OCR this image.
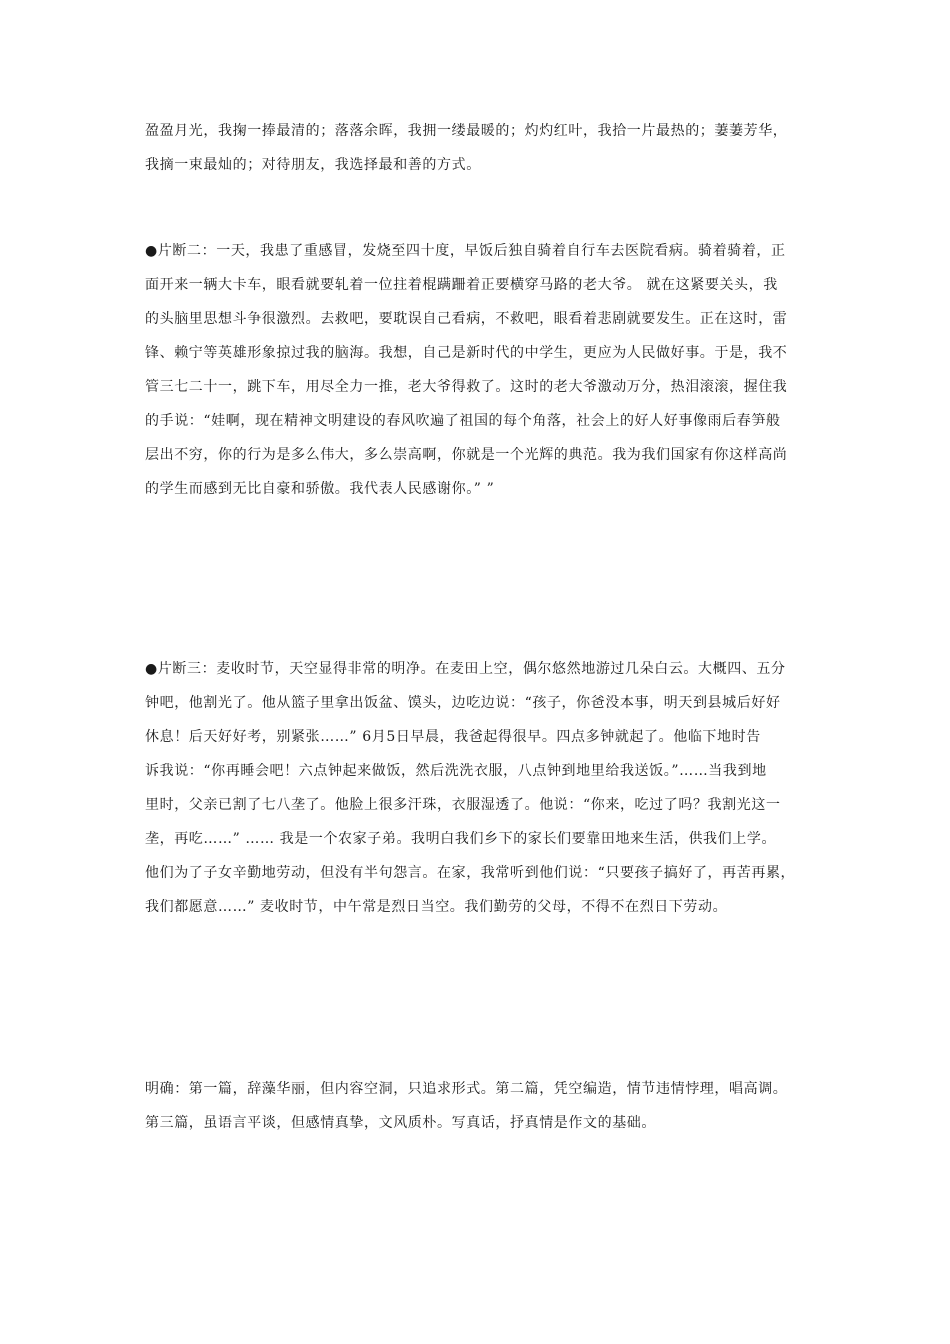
盈盈月光，我掬一捧最清的；落落余晖，我拥一缕最暖的；灼灼红叶，我拾一片最热的；萋萋芳华，
我摘一束最灿的；对待朋友，我选择最和善的方式。
●片断二：一天，我患了重感冒，发烧至四十度，早饭后独自骑着自行车去医院看病。骑着骑着，正
面开来一辆大卡车，眼看就要轧着一位拄着棍蹒跚着正要横穿马路的老大爷。 就在这紧要关头，我
的头脑里思想斗争很激烈。去救吧，要耽误自己看病，不救吧，眼看着悲剧就要发生。正在这时，雷
锋、赖宁等英雄形象掠过我的脑海。我想，自己是新时代的中学生，更应为人民做好事。于是，我不
管三七二十一，跳下车，用尽全力一推，老大爷得救了。这时的老大爷激动万分，热泪滚滚，握住我
的手说：“娃啊，现在精神文明建设的春风吹遍了祖国的每个角落，社会上的好人好事像雨后春笋般
层出不穷，你的行为是多么伟大，多么崇高啊，你就是一个光辉的典范。我为我们国家有你这样高尚
的学生而感到无比自豪和骄傲。我代表人民感谢你。” ”
●片断三：麦收时节，天空显得非常的明净。在麦田上空，偶尔悠然地游过几朵白云。大概四、五分
钟吧，他割光了。他从篮子里拿出饭盆、馍头，边吃边说：“孩子，你爸没本事，明天到县城后好好
休息！后天好好考，别紧张……” 6月5日早晨，我爸起得很早。四点多钟就起了。他临下地时告
诉我说：“你再睡会吧！六点钟起来做饭，然后洗洗衣服，八点钟到地里给我送饭。”……当我到地
里时，父亲已割了七八垄了。他脸上很多汗珠，衣服湿透了。他说：“你来，吃过了吗？我割光这一
垄，再吃……” …… 我是一个农家子弟。我明白我们乡下的家长们要靠田地来生活，供我们上学。
他们为了子女辛勤地劳动，但没有半句怨言。在家，我常听到他们说：“只要孩子搞好了，再苦再累，
我们都愿意……” 麦收时节，中午常是烈日当空。我们勤劳的父母，不得不在烈日下劳动。
明确：第一篇，辞藻华丽，但内容空洞，只追求形式。第二篇，凭空编造，情节违情悖理，唱高调。
第三篇，虽语言平谈，但感情真挚，文风质朴。写真话，抒真情是作文的基础。
